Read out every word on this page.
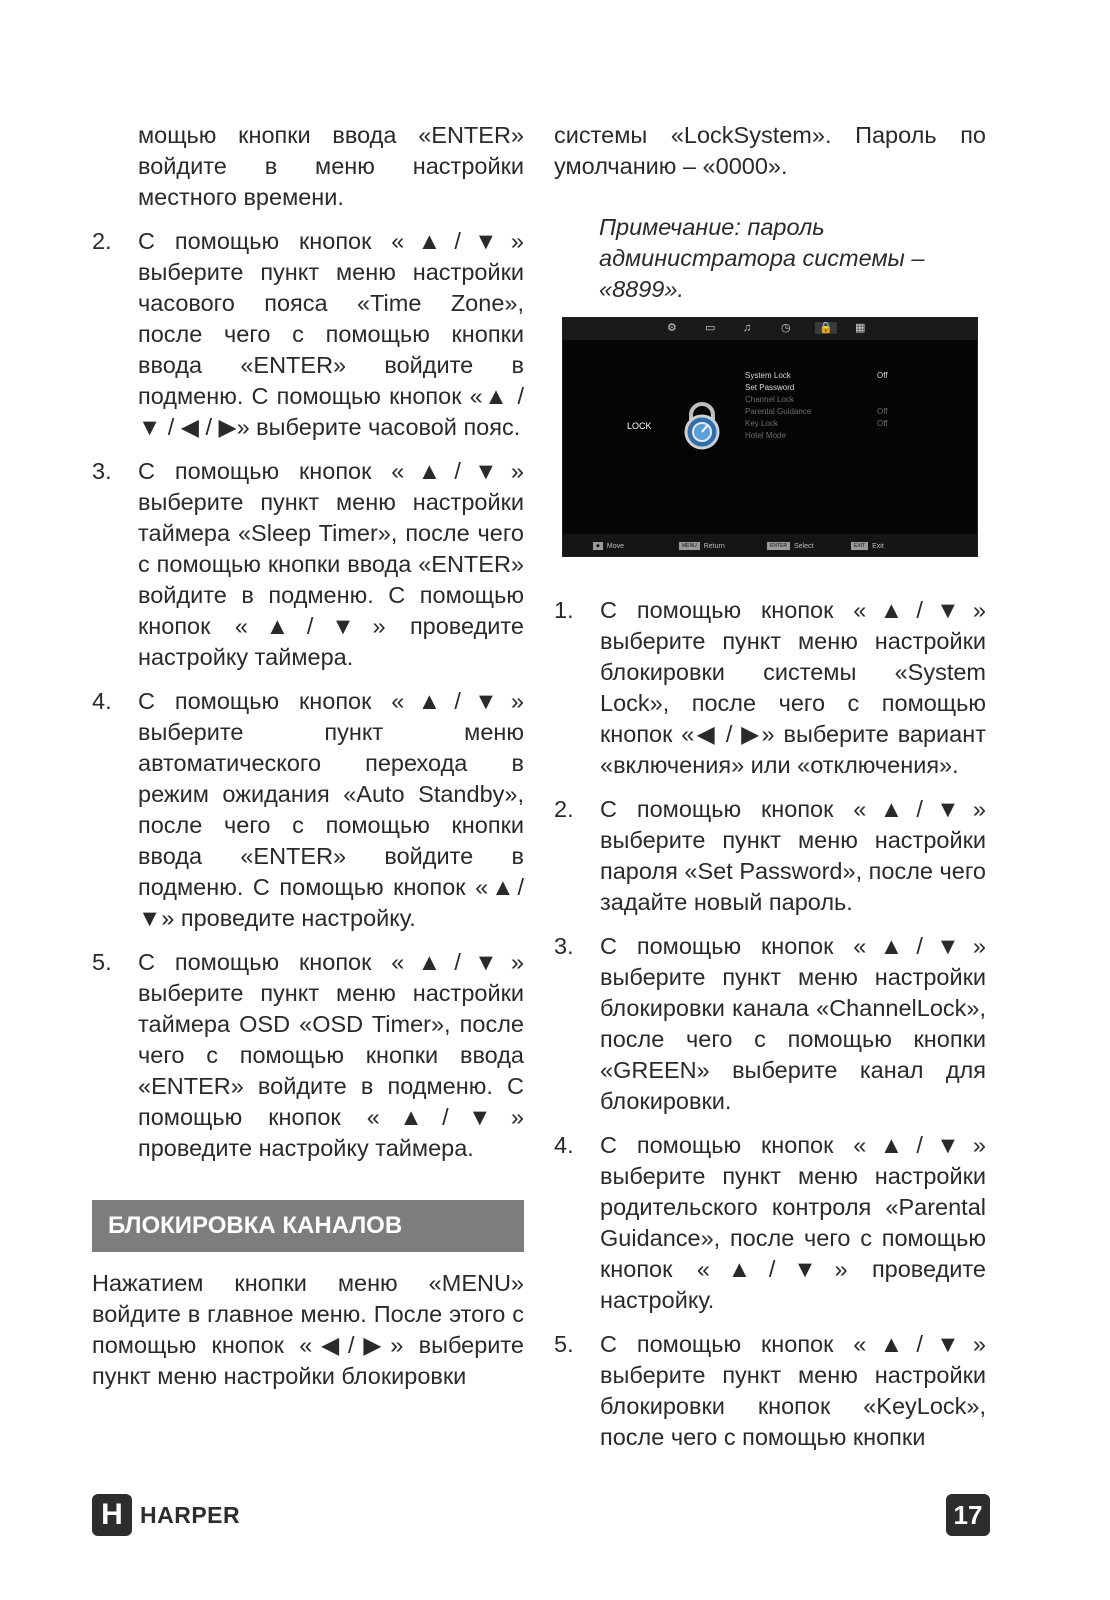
мощью кнопки ввода «ENTER» войдите в меню настройки местного времени.

2. С помощью кнопок «▲/▼» выберите пункт меню настройки часового пояса «Time Zone», после чего с помощью кнопки ввода «ENTER» войдите в подменю. С помощью кнопок «▲ / ▼ / ◀ / ▶» выберите часовой пояс.
3. С помощью кнопок «▲/▼» выберите пункт меню настройки таймера «Sleep Timer», после чего с помощью кнопки ввода «ENTER» войдите в подменю. С помощью кнопок «▲/▼» проведите настройку таймера.
4. С помощью кнопок «▲/▼» выберите пункт меню автоматического перехода в режим ожидания «Auto Standby», после чего с помощью кнопки ввода «ENTER» войдите в подменю. С помощью кнопок «▲/▼» проведите настройку.
5. С помощью кнопок «▲/▼» выберите пункт меню настройки таймера OSD «OSD Timer», после чего с помощью кнопки ввода «ENTER» войдите в подменю. С помощью кнопок «▲/▼» проведите настройку таймера.
БЛОКИРОВКА КАНАЛОВ

Нажатием кнопки меню «MENU» войдите в главное меню. После этого с помощью кнопок «◀/▶» выберите пункт меню настройки блокировки

системы «LockSystem». Пароль по умолчанию – «0000».

Примечание: пароль администратора системы – «8899».

⚙	▭	♫	◷	🔒	▦
LOCK
System Lock	Off
Set Password
Channel Lock
Parental Guidance	Off
Key Lock	Off
Hotel Mode
◆ Move	MENU Return	ENTER Select	EXIT Exit
1. С помощью кнопок «▲/▼» выберите пункт меню настройки блокировки системы «System Lock», после чего с помощью кнопок «◀ / ▶» выберите вариант «включения» или «отключения».
2. С помощью кнопок «▲/▼» выберите пункт меню настройки пароля «Set Password», после чего задайте новый пароль.
3. С помощью кнопок «▲/▼» выберите пункт меню настройки блокировки канала «ChannelLock», после чего с помощью кнопки «GREEN» выберите канал для блокировки.
4. С помощью кнопок «▲/▼» выберите пункт меню настройки родительского контроля «Parental Guidance», после чего с помощью кнопок «▲/▼» проведите настройку.
5. С помощью кнопок «▲/▼» выберите пункт меню настройки блокировки кнопок «KeyLock», после чего с помощью кнопки
H HARPER	17
